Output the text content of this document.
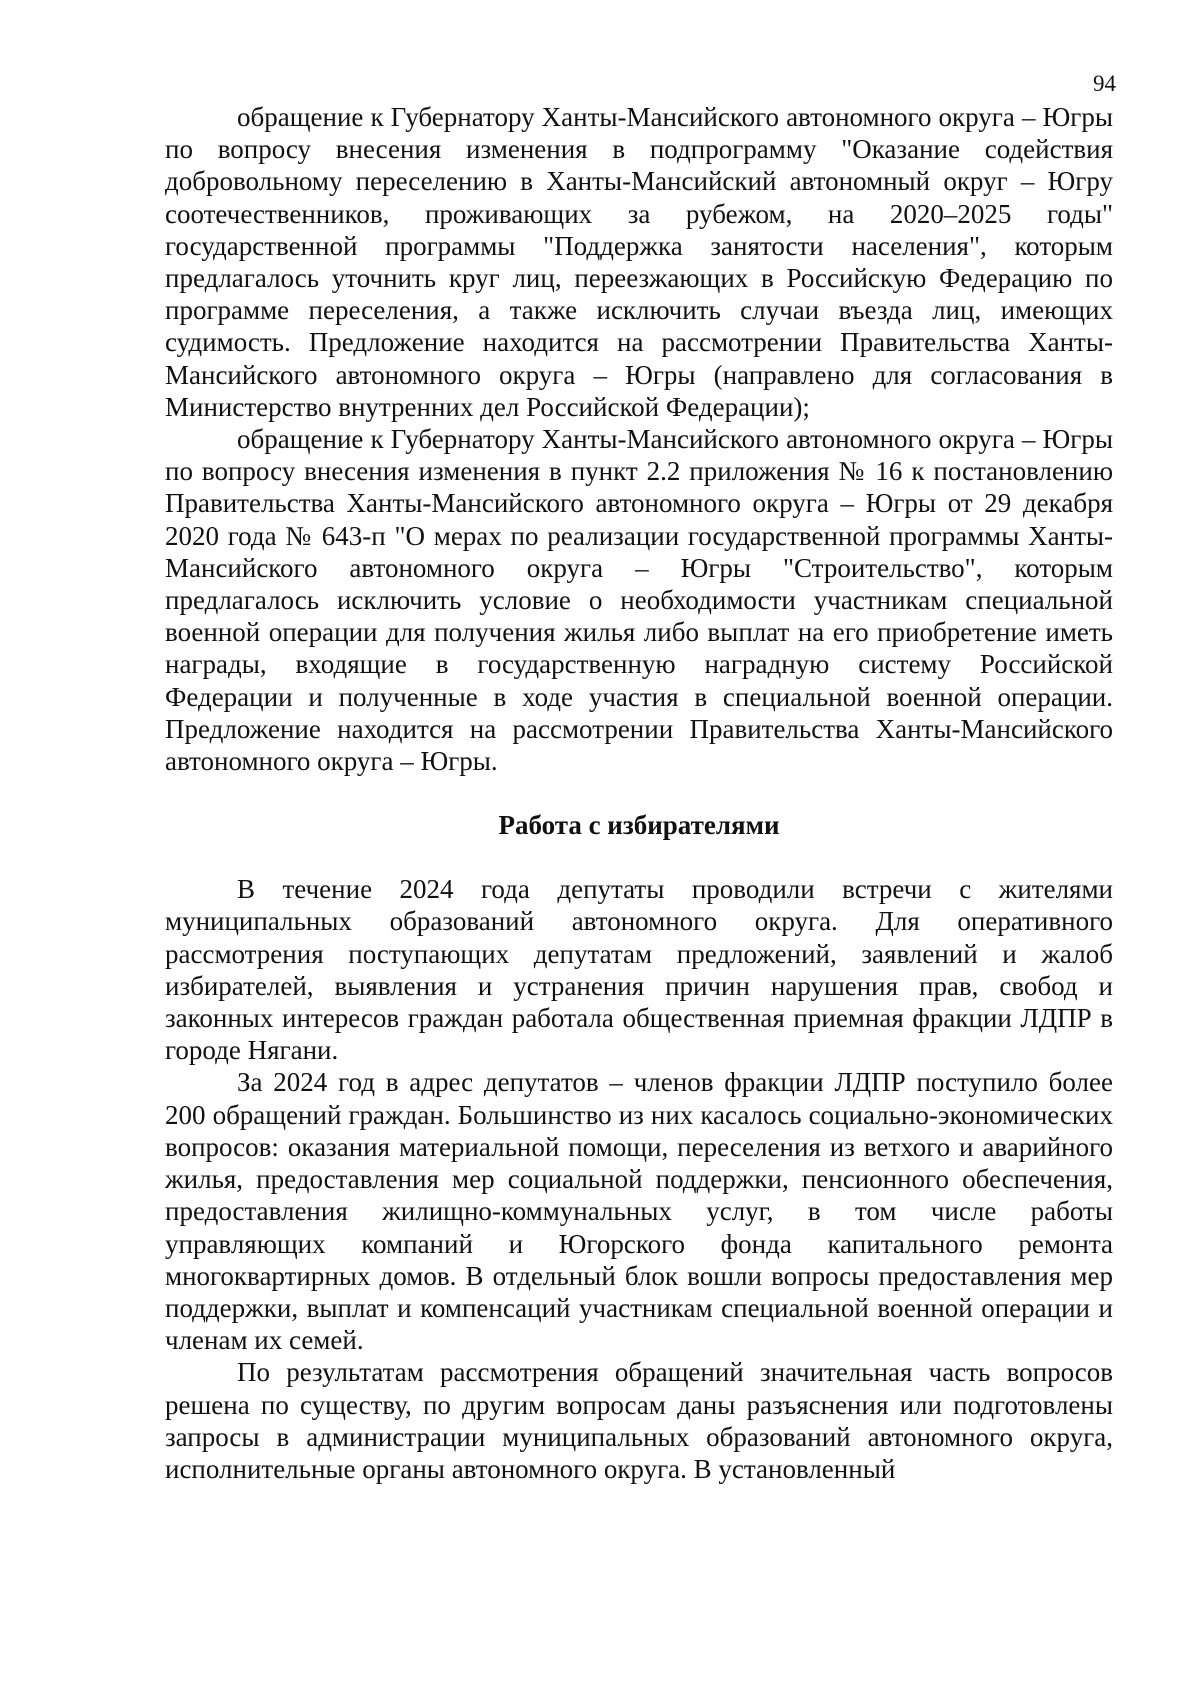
94

обращение к Губернатору Ханты-Мансийского автономного округа – Югры по вопросу внесения изменения в подпрограмму "Оказание содействия добровольному переселению в Ханты-Мансийский автономный округ – Югру соотечественников, проживающих за рубежом, на 2020–2025 годы" государственной программы "Поддержка занятости населения", которым предлагалось уточнить круг лиц, переезжающих в Российскую Федерацию по программе переселения, а также исключить случаи въезда лиц, имеющих судимость. Предложение находится на рассмотрении Правительства Ханты-Мансийского автономного округа – Югры (направлено для согласования в Министерство внутренних дел Российской Федерации);

обращение к Губернатору Ханты-Мансийского автономного округа – Югры по вопросу внесения изменения в пункт 2.2 приложения № 16 к постановлению Правительства Ханты-Мансийского автономного округа – Югры от 29 декабря 2020 года № 643-п "О мерах по реализации государственной программы Ханты-Мансийского автономного округа – Югры "Строительство", которым предлагалось исключить условие о необходимости участникам специальной военной операции для получения жилья либо выплат на его приобретение иметь награды, входящие в государственную наградную систему Российской Федерации и полученные в ходе участия в специальной военной операции. Предложение находится на рассмотрении Правительства Ханты-Мансийского автономного округа – Югры.

Работа с избирателями

В течение 2024 года депутаты проводили встречи с жителями муниципальных образований автономного округа. Для оперативного рассмотрения поступающих депутатам предложений, заявлений и жалоб избирателей, выявления и устранения причин нарушения прав, свобод и законных интересов граждан работала общественная приемная фракции ЛДПР в городе Нягани.

За 2024 год в адрес депутатов – членов фракции ЛДПР поступило более 200 обращений граждан. Большинство из них касалось социально-экономических вопросов: оказания материальной помощи, переселения из ветхого и аварийного жилья, предоставления мер социальной поддержки, пенсионного обеспечения, предоставления жилищно-коммунальных услуг, в том числе работы управляющих компаний и Югорского фонда капитального ремонта многоквартирных домов. В отдельный блок вошли вопросы предоставления мер поддержки, выплат и компенсаций участникам специальной военной операции и членам их семей.

По результатам рассмотрения обращений значительная часть вопросов решена по существу, по другим вопросам даны разъяснения или подготовлены запросы в администрации муниципальных образований автономного округа, исполнительные органы автономного округа. В установленный
